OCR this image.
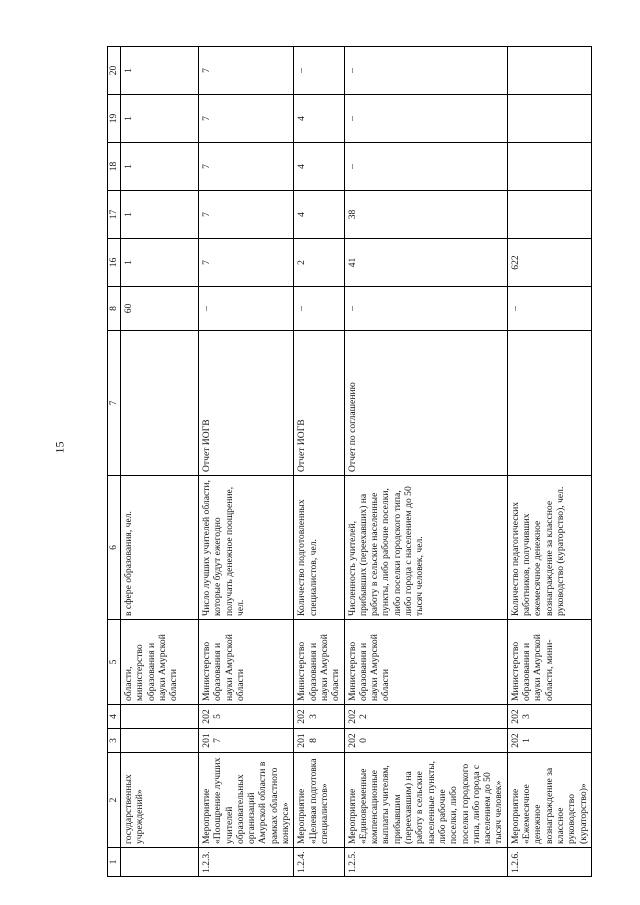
15
1	2	3	4	5	6	7	8	16	17	18	19	20
	государственных учреждений»			области, министерство образования и науки Амурской области	в сфере образования, чел.		60	1	1	1	1	1
1.2.3.	Мероприятие «Поощрение лучших учителей образовательных организаций Амурской области в рамках областного конкурса»	2017	2025	Министерство образования и науки Амурской области	Число лучших учителей области, которые будут ежегодно получать денежное поощрение, чел.	Отчет ИОГВ	–	7	7	7	7	7
1.2.4.	Мероприятие «Целевая подготовка специалистов»	2018	2023	Министерство образования и науки Амурской области	Количество подготовленных специалистов, чел.	Отчет ИОГВ	–	2	4	4	4	–
1.2.5.	Мероприятие «Единовременные компенсационные выплаты учителям, прибывшим (переехавшим) на работу в сельские населенные пункты, либо рабочие поселки, либо поселки городского типа, либо города с населением до 50 тысяч человек»	2020	2022	Министерство образования и науки Амурской области	Численность учителей, прибывших (переехавших) на работу в сельские населенные пункты, либо рабочие поселки, либо поселки городского типа, либо города с населением до 50 тысяч человек, чел.	Отчет по соглашению	–	41	38	–	–	–
1.2.6.	Мероприятие «Ежемесячное денежное вознаграждение за классное руководство (кураторство)»	2021	2023	Министерство образования и науки Амурской области, мини-	Количество педагогических работников, получивших ежемесячное денежное вознаграждение за классное руководство (кураторство), чел.		–	622				
